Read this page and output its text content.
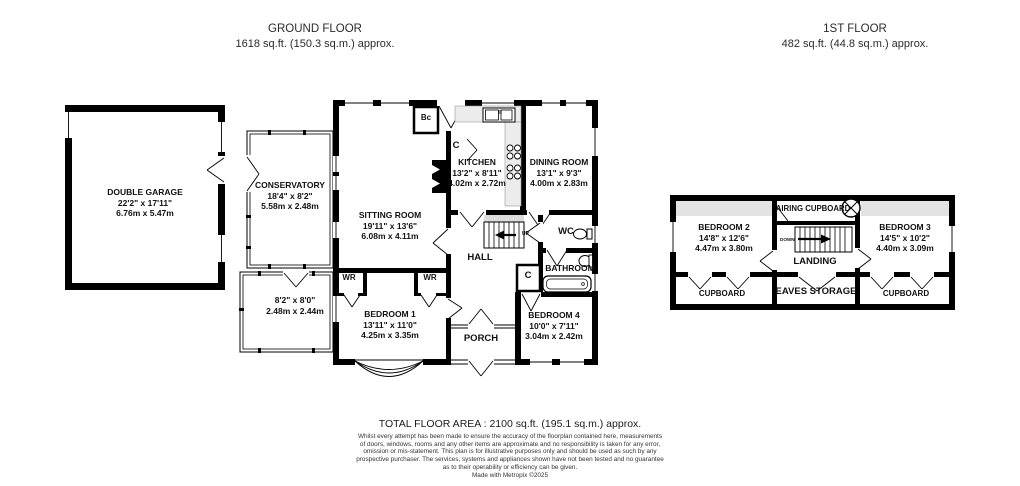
GROUND FLOOR
1618 sq.ft. (150.3 sq.m.) approx.
1ST FLOOR
482 sq.ft. (44.8 sq.m.) approx.
DOUBLE GARAGE
22'2" x 17'11"
6.76m x 5.47m
CONSERVATORY
18'4" x 8'2"
5.58m x 2.48m
SITTING ROOM
19'11" x 13'6"
6.08m x 4.11m
KITCHEN
13'2" x 8'11"
4.02m x 2.72m
DINING ROOM
13'1" x 9'3"
4.00m x 2.83m
HALL
WC
BATHROOM
BEDROOM 1
13'11" x 11'0"
4.25m x 3.35m
BEDROOM 4
10'0" x 7'11"
3.04m x 2.42m
PORCH
8'2" x 8'0"
2.48m x 2.44m
WR	WR
C
C
Bc
UP
BEDROOM 2
14'8" x 12'6"
4.47m x 3.80m
BEDROOM 3
14'5" x 10'2"
4.40m x 3.09m
AIRING CUPBOARD
LANDING
EAVES STORAGE
CUPBOARD	CUPBOARD
DOWN
TOTAL FLOOR AREA : 2100 sq.ft. (195.1 sq.m.) approx.
Whilst every attempt has been made to ensure the accuracy of the floorplan contained here, measurements
of doors, windows, rooms and any other items are approximate and no responsibility is taken for any error,
omission or mis-statement. This plan is for illustrative purposes only and should be used as such by any
prospective purchaser. The services, systems and appliances shown have not been tested and no guarantee
as to their operability or efficiency can be given.
Made with Metropix ©2025
